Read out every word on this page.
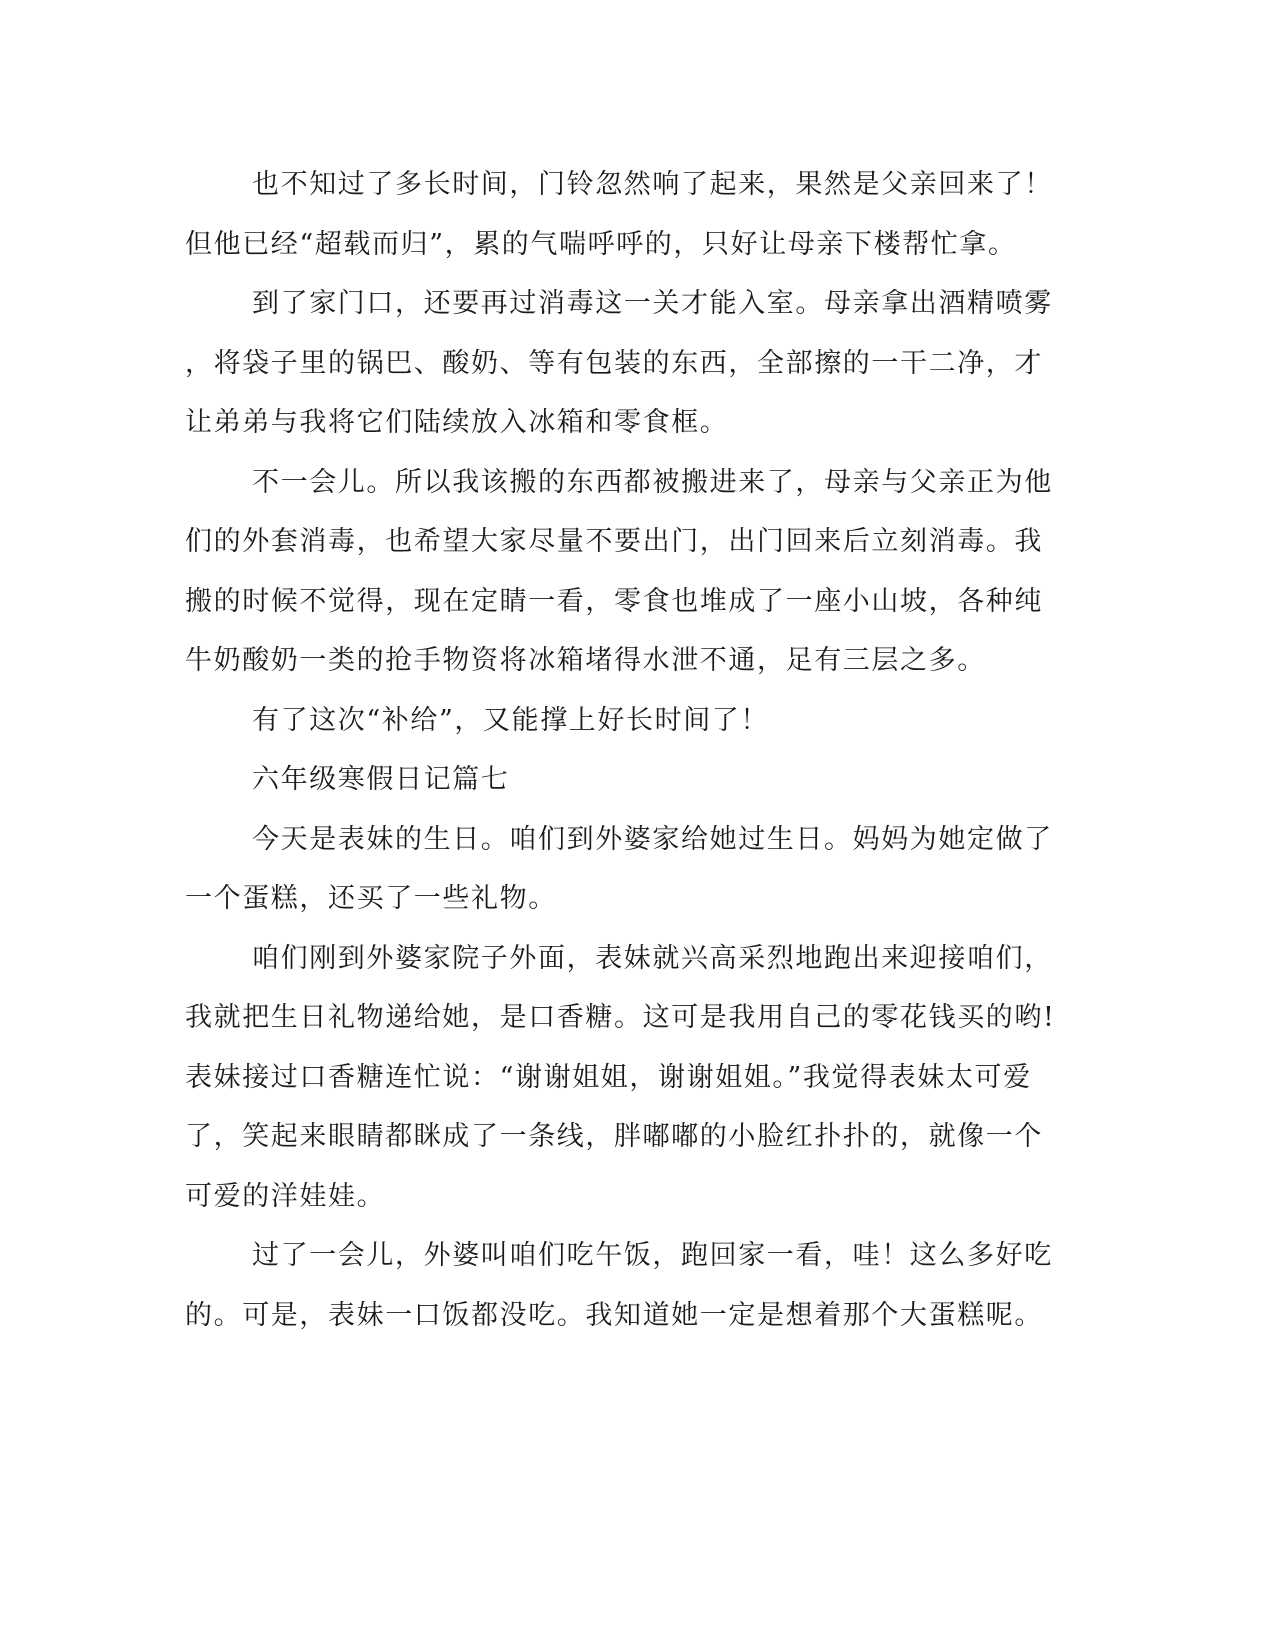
也不知过了多长时间，门铃忽然响了起来，果然是父亲回来了！
但他已经“超载而归”，累的气喘呼呼的，只好让母亲下楼帮忙拿。
到了家门口，还要再过消毒这一关才能入室。母亲拿出酒精喷雾
，将袋子里的锅巴、酸奶、等有包装的东西，全部擦的一干二净，才
让弟弟与我将它们陆续放入冰箱和零食框。
不一会儿。所以我该搬的东西都被搬进来了，母亲与父亲正为他
们的外套消毒，也希望大家尽量不要出门，出门回来后立刻消毒。我
搬的时候不觉得，现在定睛一看，零食也堆成了一座小山坡，各种纯
牛奶酸奶一类的抢手物资将冰箱堵得水泄不通，足有三层之多。
有了这次“补给”，又能撑上好长时间了！
六年级寒假日记篇七
今天是表妹的生日。咱们到外婆家给她过生日。妈妈为她定做了
一个蛋糕，还买了一些礼物。
咱们刚到外婆家院子外面，表妹就兴高采烈地跑出来迎接咱们，
我就把生日礼物递给她，是口香糖。这可是我用自己的零花钱买的哟!
表妹接过口香糖连忙说：“谢谢姐姐，谢谢姐姐。”我觉得表妹太可爱
了，笑起来眼睛都眯成了一条线，胖嘟嘟的小脸红扑扑的，就像一个
可爱的洋娃娃。
过了一会儿，外婆叫咱们吃午饭，跑回家一看，哇！这么多好吃
的。可是，表妹一口饭都没吃。我知道她一定是想着那个大蛋糕呢。
